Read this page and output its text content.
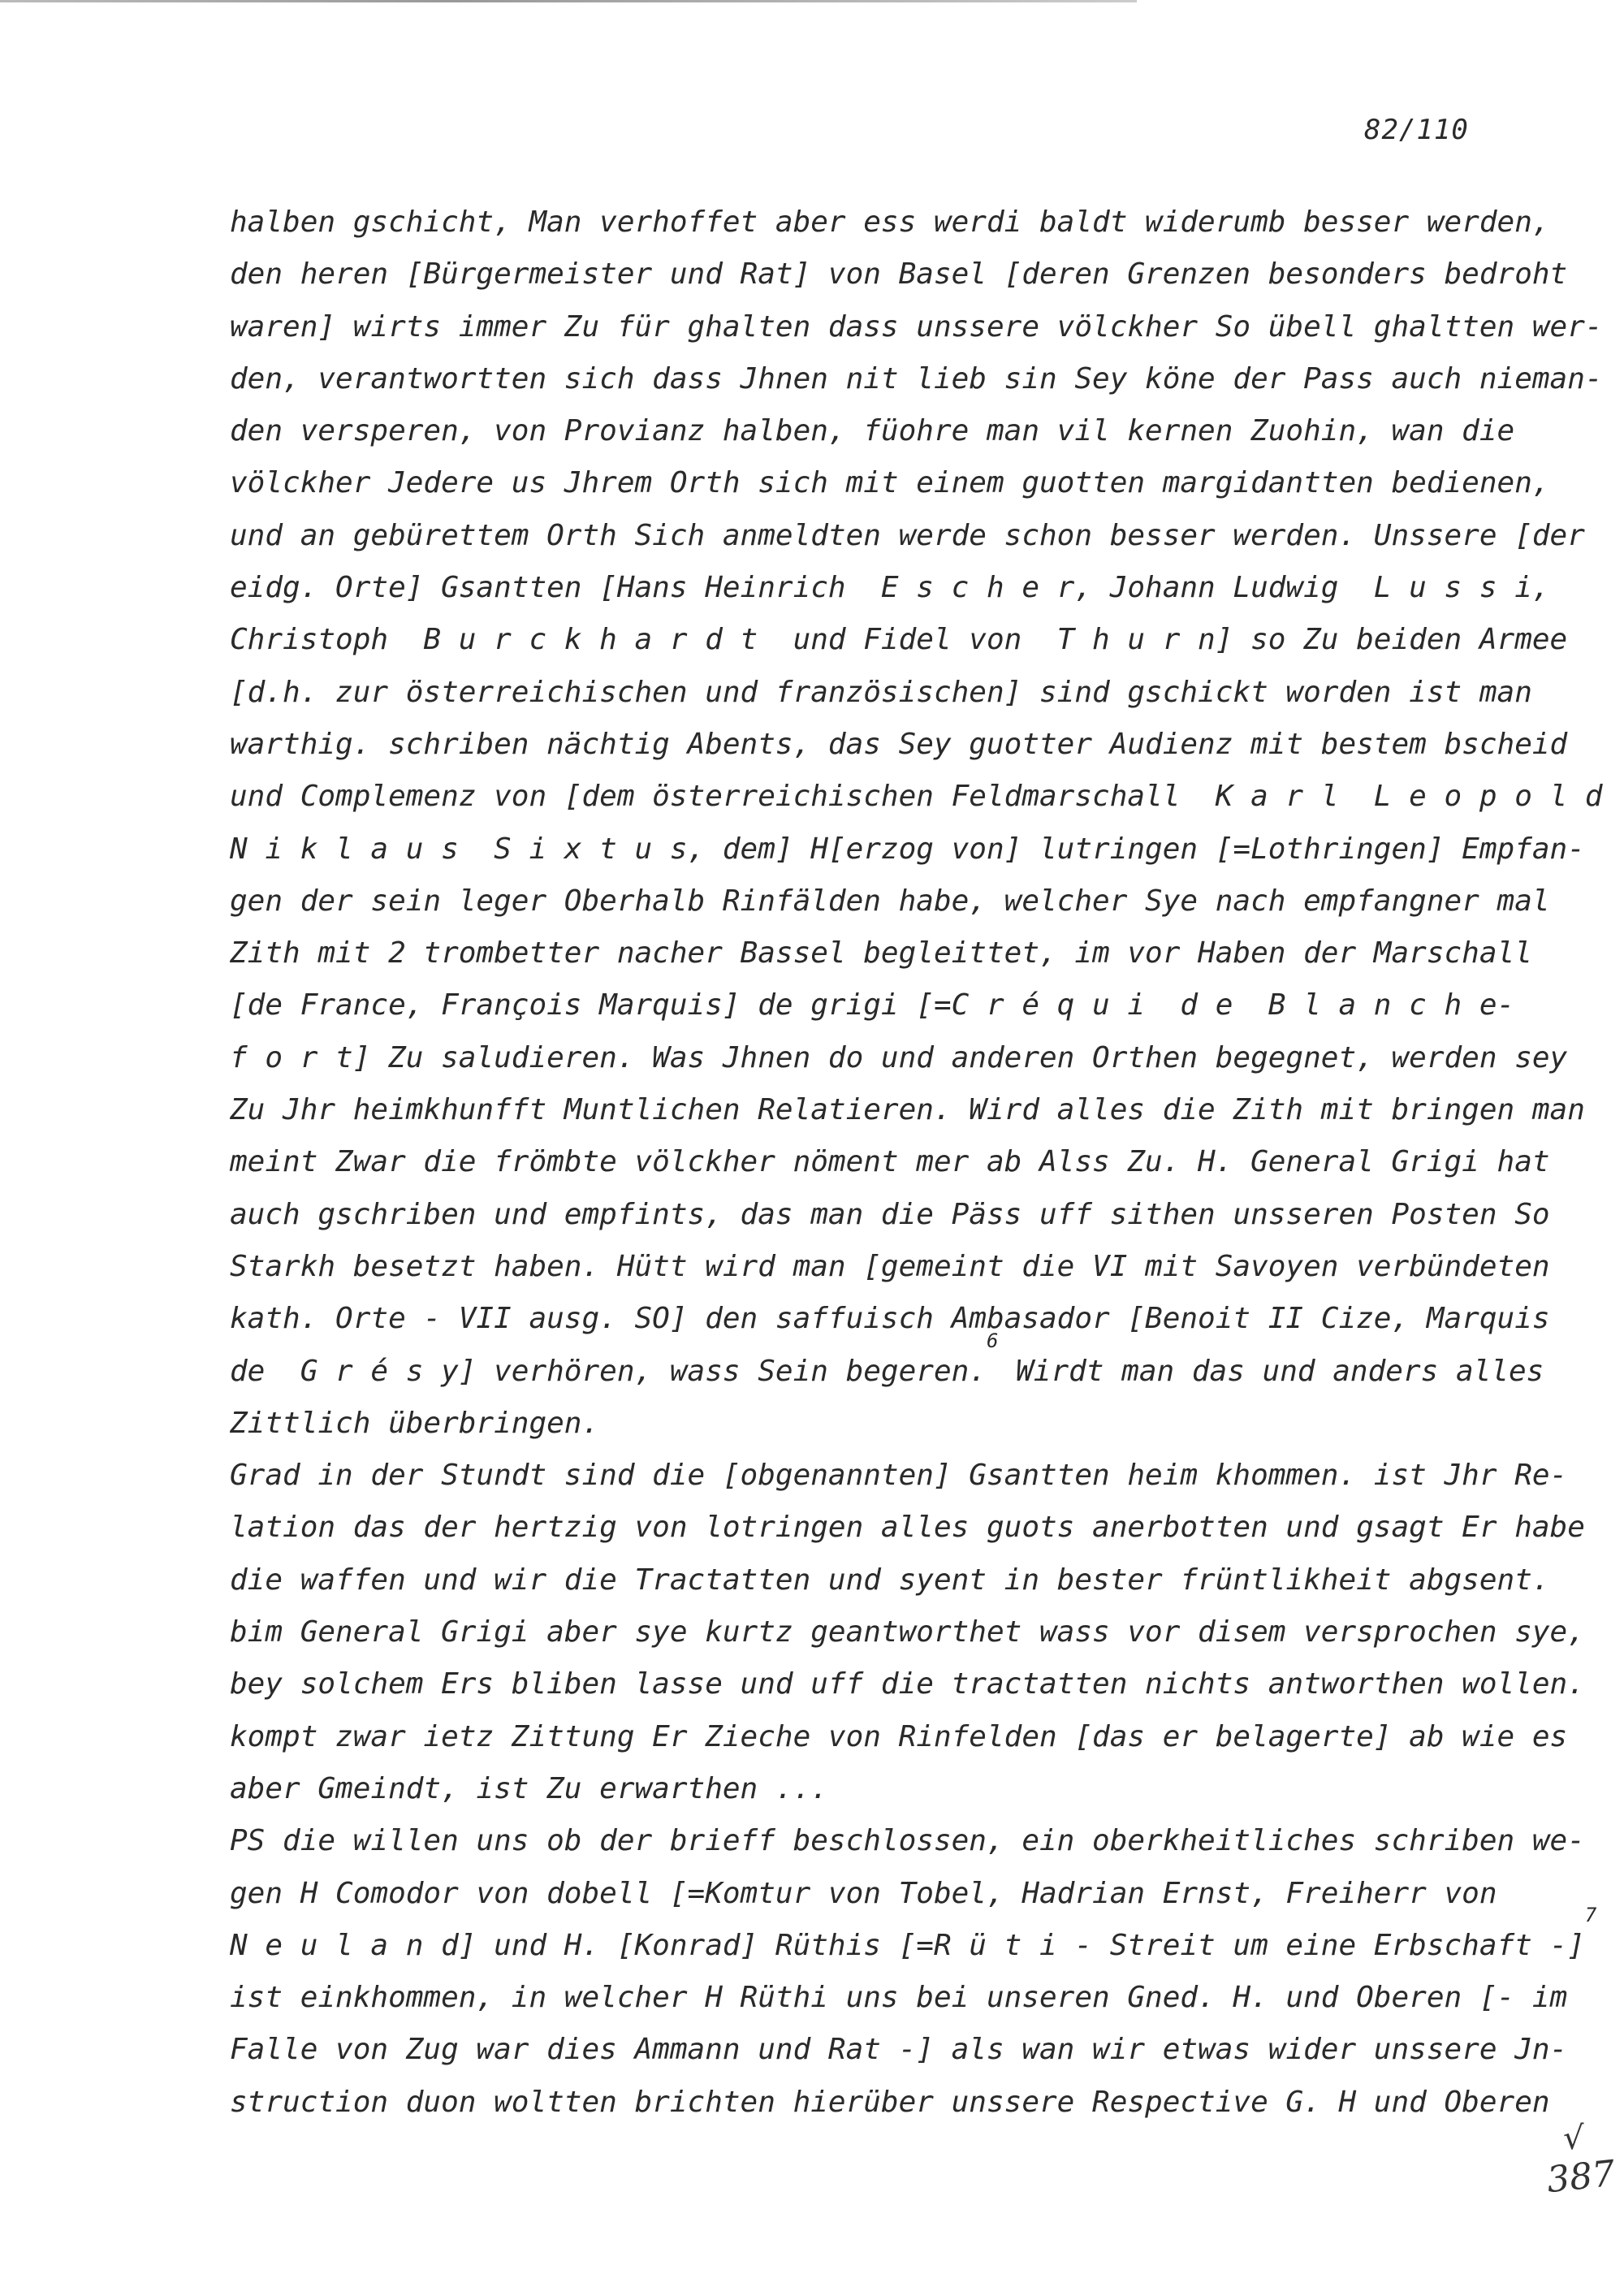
82/110
halben gschicht, Man verhoffet aber ess werdi baldt widerumb besser werden,
den heren [Bürgermeister und Rat] von Basel [deren Grenzen besonders bedroht
waren] wirts immer Zu für ghalten dass unssere völckher So übell ghaltten wer-
den, verantwortten sich dass Jhnen nit lieb sin Sey köne der Pass auch nieman-
den versperen, von Provianz halben, füohre man vil kernen Zuohin, wan die
völckher Jedere us Jhrem Orth sich mit einem guotten margidantten bedienen,
und an gebürettem Orth Sich anmeldten werde schon besser werden. Unssere [der
eidg. Orte] Gsantten [Hans Heinrich  E s c h e r, Johann Ludwig  L u s s i,
Christoph  B u r c k h a r d t  und Fidel von  T h u r n] so Zu beiden Armee
[d.h. zur österreichischen und französischen] sind gschickt worden ist man
warthig. schriben nächtig Abents, das Sey guotter Audienz mit bestem bscheid
und Complemenz von [dem österreichischen Feldmarschall  K a r l  L e o p o l d
N i k l a u s  S i x t u s, dem] H[erzog von] lutringen [=Lothringen] Empfan-
gen der sein leger Oberhalb Rinfälden habe, welcher Sye nach empfangner mal
Zith mit 2 trombetter nacher Bassel begleittet, im vor Haben der Marschall
[de France, François Marquis] de grigi [=C r é q u i  d e  B l a n c h e-
f o r t] Zu saludieren. Was Jhnen do und anderen Orthen begegnet, werden sey
Zu Jhr heimkhunfft Muntlichen Relatieren. Wird alles die Zith mit bringen man
meint Zwar die frömbte völckher nöment mer ab Alss Zu. H. General Grigi hat
auch gschriben und empfints, das man die Päss uff sithen unsseren Posten So
Starkh besetzt haben. Hütt wird man [gemeint die VI mit Savoyen verbündeten
kath. Orte - VII ausg. SO] den saffuisch Ambasador [Benoit II Cize, Marquis
de  G r é s y] verhören, wass Sein begeren.$^6$ Wirdt man das und anders alles
Zittlich überbringen.
Grad in der Stundt sind die [obgenannten] Gsantten heim khommen. ist Jhr Re-
lation das der hertzig von lotringen alles guots anerbotten und gsagt Er habe
die waffen und wir die Tractatten und syent in bester früntlikheit abgsent.
bim General Grigi aber sye kurtz geantworthet wass vor disem versprochen sye,
bey solchem Ers bliben lasse und uff die tractatten nichts antworthen wollen.
kompt zwar ietz Zittung Er Zieche von Rinfelden [das er belagerte] ab wie es
aber Gmeindt, ist Zu erwarthen ...
PS die willen uns ob der brieff beschlossen, ein oberkheitliches schriben we-
gen H Comodor von dobell [=Komtur von Tobel, Hadrian Ernst, Freiherr von
N e u l a n d] und H. [Konrad] Rüthis [=R ü t i - Streit um eine Erbschaft -]$^7$
ist einkhommen, in welcher H Rüthi uns bei unseren Gned. H. und Oberen [- im
Falle von Zug war dies Ammann und Rat -] als wan wir etwas wider unssere Jn-
struction duon woltten brichten hierüber unssere Respective G. H und Oberen
√
387
